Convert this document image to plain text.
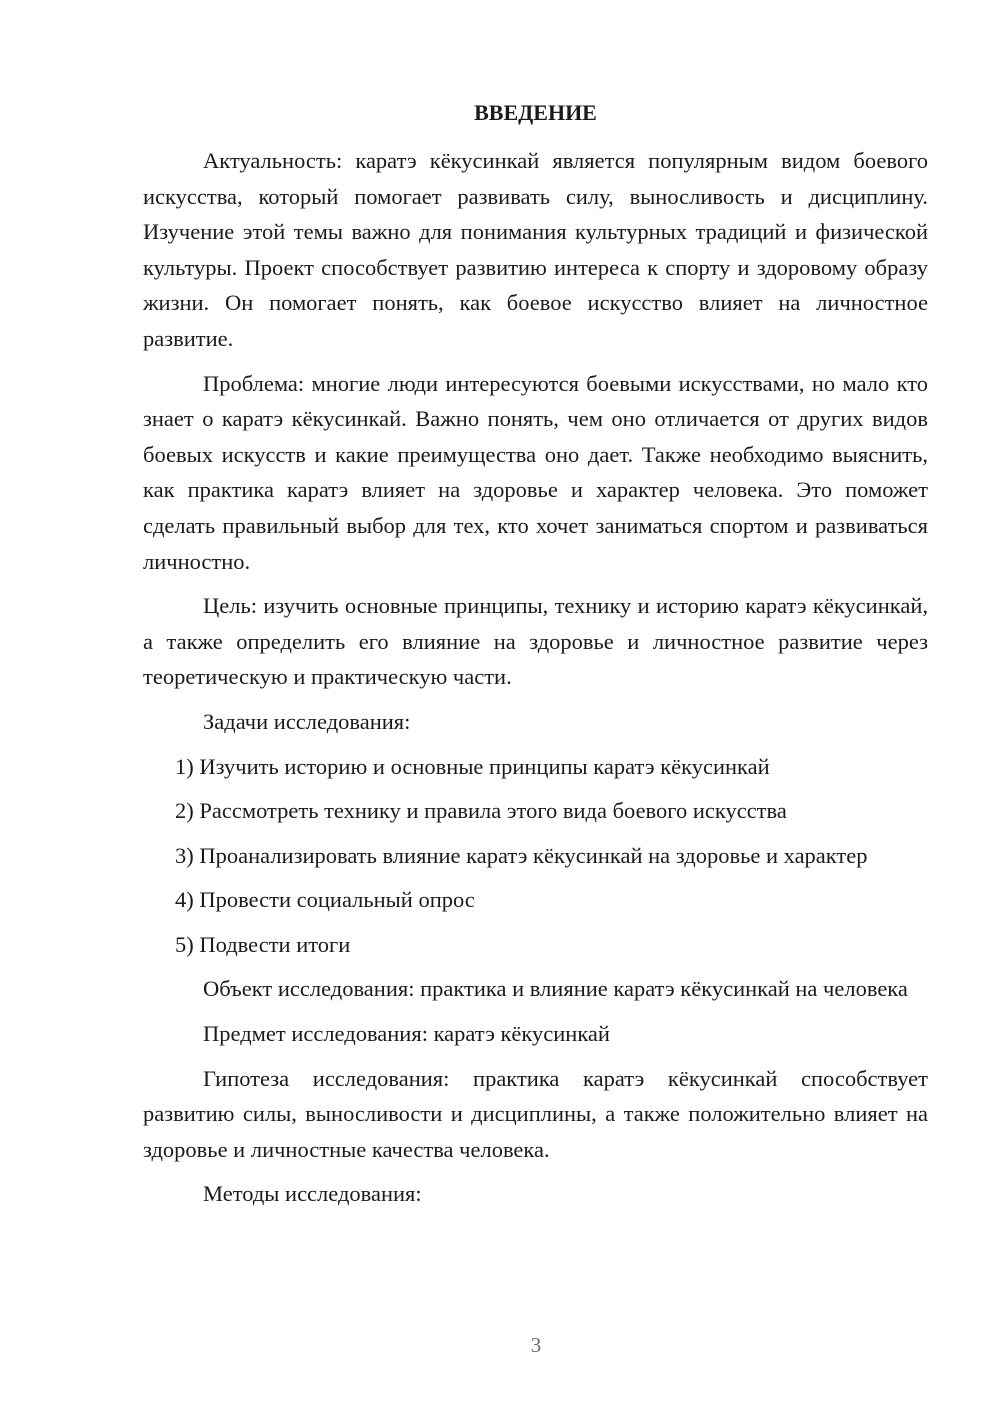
ВВЕДЕНИЕ

Актуальность: каратэ кёкусинкай является популярным видом боевого искусства, который помогает развивать силу, выносливость и дисциплину. Изучение этой темы важно для понимания культурных традиций и физической культуры. Проект способствует развитию интереса к спорту и здоровому образу жизни. Он помогает понять, как боевое искусство влияет на личностное развитие.

Проблема: многие люди интересуются боевыми искусствами, но мало кто знает о каратэ кёкусинкай. Важно понять, чем оно отличается от других видов боевых искусств и какие преимущества оно дает. Также необходимо выяснить, как практика каратэ влияет на здоровье и характер человека. Это поможет сделать правильный выбор для тех, кто хочет заниматься спортом и развиваться личностно.

Цель: изучить основные принципы, технику и историю каратэ кёкусинкай, а также определить его влияние на здоровье и личностное развитие через теоретическую и практическую части.

Задачи исследования:

1) Изучить историю и основные принципы каратэ кёкусинкай

2) Рассмотреть технику и правила этого вида боевого искусства

3) Проанализировать влияние каратэ кёкусинкай на здоровье и характер

4) Провести социальный опрос

5) Подвести итоги

Объект исследования: практика и влияние каратэ кёкусинкай на человека

Предмет исследования: каратэ кёкусинкай

Гипотеза исследования: практика каратэ кёкусинкай способствует развитию силы, выносливости и дисциплины, а также положительно влияет на здоровье и личностные качества человека.

Методы исследования:

3
